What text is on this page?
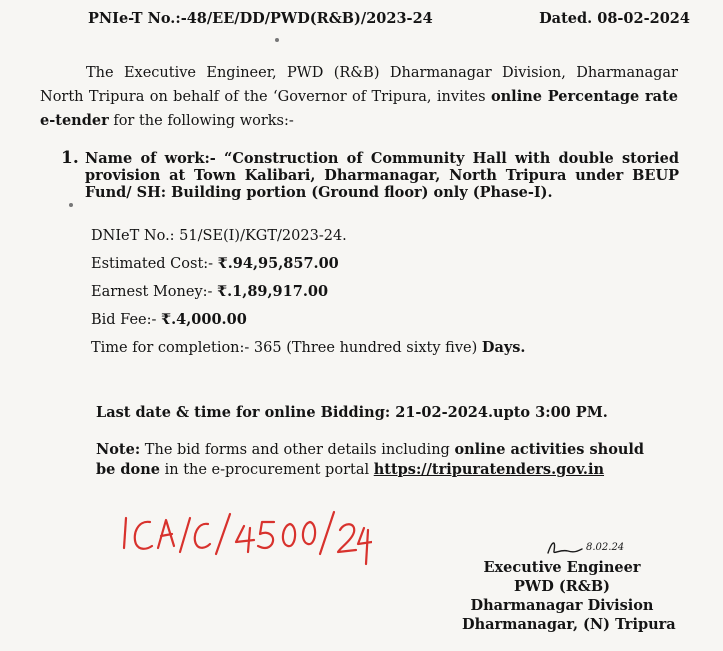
PNIe-T No.:-48/EE/DD/PWD(R&B)/2023-24	Dated. 08-02-2024
The Executive Engineer, PWD (R&B) Dharmanagar Division, Dharmanagar North Tripura on behalf of the ‘Governor of Tripura, invites online Percentage rate e-tender for the following works:-
1. Name of work:- “Construction of Community Hall with double storied provision at Town Kalibari, Dharmanagar, North Tripura under BEUP Fund/ SH: Building portion (Ground floor) only (Phase-I).
DNIeT No.: 51/SE(I)/KGT/2023-24.
Estimated Cost:- ₹.94,95,857.00
Earnest Money:- ₹.1,89,917.00
Bid Fee:- ₹.4,000.00
Time for completion:- 365 (Three hundred sixty five) Days.
Last date & time for online Bidding: 21-02-2024.upto 3:00 PM.
Note: The bid forms and other details including online activities should be done in the e-procurement portal https://tripuratenders.gov.in
8.02.24
Executive Engineer
PWD (R&B)
Dharmanagar Division
Dharmanagar, (N) Tripura
